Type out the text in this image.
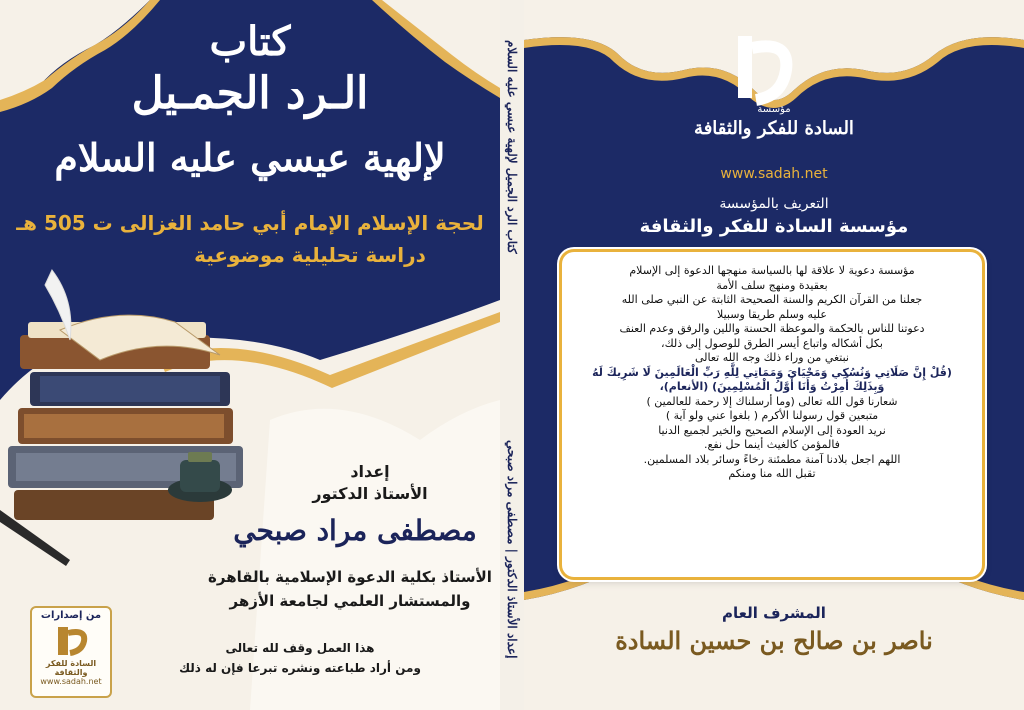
كتاب
الـرد الجمـيل
لإلهية عيسي عليه السلام
لحجة الإسلام الإمام أبي حامد الغزالى ت 505 هـ
دراسة تحليلية موضوعية
إعداد
الأستاذ الدكتور
مصطفى مراد صبحي
الأستاذ بكلية الدعوة الإسلامية بالقاهرة
والمستشار العلمي لجامعة الأزهر
هذا العمل وقف لله تعالى
ومن أراد طباعته ونشره تبرعا فإن له ذلك
من إصدارات
السادة للفكر والثقافة
www.sadah.net
كتاب الرد الجميل لإلهية عيسي عليه السلام
إعداد الأستاذ الدكتور | مصطفى مراد صبحي
مؤسسة
السادة للفكر والثقافة
www.sadah.net
التعريف بالمؤسسة
مؤسسة السادة للفكر والثقافة
المشرف العام
ناصر بن صالح بن حسين السادة

مؤسسة دعوية لا علاقة لها بالسياسة منهجها الدعوة إلى الإسلام

بعقيدة ومنهج سلف الأمة

جعلنا من القرآن الكريم والسنة الصحيحة الثابتة عن النبي صلى الله

عليه وسلم طريقا وسبيلا

دعوتنا للناس بالحكمة والموعظة الحسنة واللين والرفق وعدم العنف

بكل أشكاله واتباع أيسر الطرق للوصول إلى ذلك،

نبتغي من وراء ذلك وجه الله تعالى

(قُلْ إِنَّ صَلَاتِي وَنُسُكِي وَمَحْيَايَ وَمَمَاتِي لِلَّهِ رَبِّ الْعَالَمِينَ لَا شَرِيكَ لَهُ

وَبِذَلِكَ أُمِرْتُ وَأَنَا أَوَّلُ الْمُسْلِمِينَ) (الأنعام)،

شعارنا قول الله تعالى (وما أرسلناك إلا رحمة للعالمين )

متبعين قول رسولنا الأكرم ( بلغوا عني ولو آية )

نريد العودة إلى الإسلام الصحيح والخير لجميع الدنيا

فالمؤمن كالغيث أينما حل نفع.

اللهم اجعل بلادنا آمنة مطمئنة رخاءً وسائر بلاد المسلمين.

تقبل الله منا ومنكم
